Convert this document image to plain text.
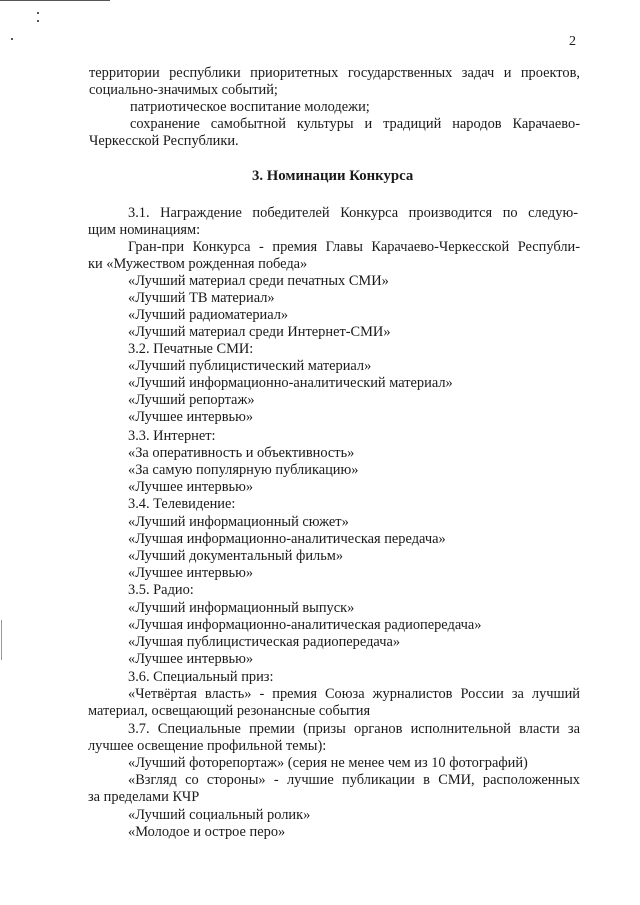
2
территории республики приоритетных государственных задач и проектов,
социально-значимых событий;
патриотическое воспитание молодежи;
сохранение самобытной культуры и традиций народов Карачаево-
Черкесской Республики.
3. Номинации Конкурса
3.1. Награждение победителей Конкурса производится по следую-
щим номинациям:
Гран-при Конкурса - премия Главы Карачаево-Черкесской Республи-
ки «Мужеством рожденная победа»
«Лучший материал среди печатных СМИ»
«Лучший ТВ материал»
«Лучший радиоматериал»
«Лучший материал среди Интернет-СМИ»
3.2. Печатные СМИ:
«Лучший публицистический материал»
«Лучший информационно-аналитический материал»
«Лучший репортаж»
«Лучшее интервью»
3.3. Интернет:
«За оперативность и объективность»
«За самую популярную публикацию»
«Лучшее интервью»
3.4. Телевидение:
«Лучший информационный сюжет»
«Лучшая информационно-аналитическая передача»
«Лучший документальный фильм»
«Лучшее интервью»
3.5. Радио:
«Лучший информационный выпуск»
«Лучшая информационно-аналитическая радиопередача»
«Лучшая публицистическая радиопередача»
«Лучшее интервью»
3.6. Специальный приз:
«Четвёртая власть» - премия Союза журналистов России за лучший
материал, освещающий резонансные события
3.7. Специальные премии (призы органов исполнительной власти за
лучшее освещение профильной темы):
«Лучший фоторепортаж» (серия не менее чем из 10 фотографий)
«Взгляд со стороны» - лучшие публикации в СМИ, расположенных
за пределами КЧР
«Лучший социальный ролик»
«Молодое и острое перо»
